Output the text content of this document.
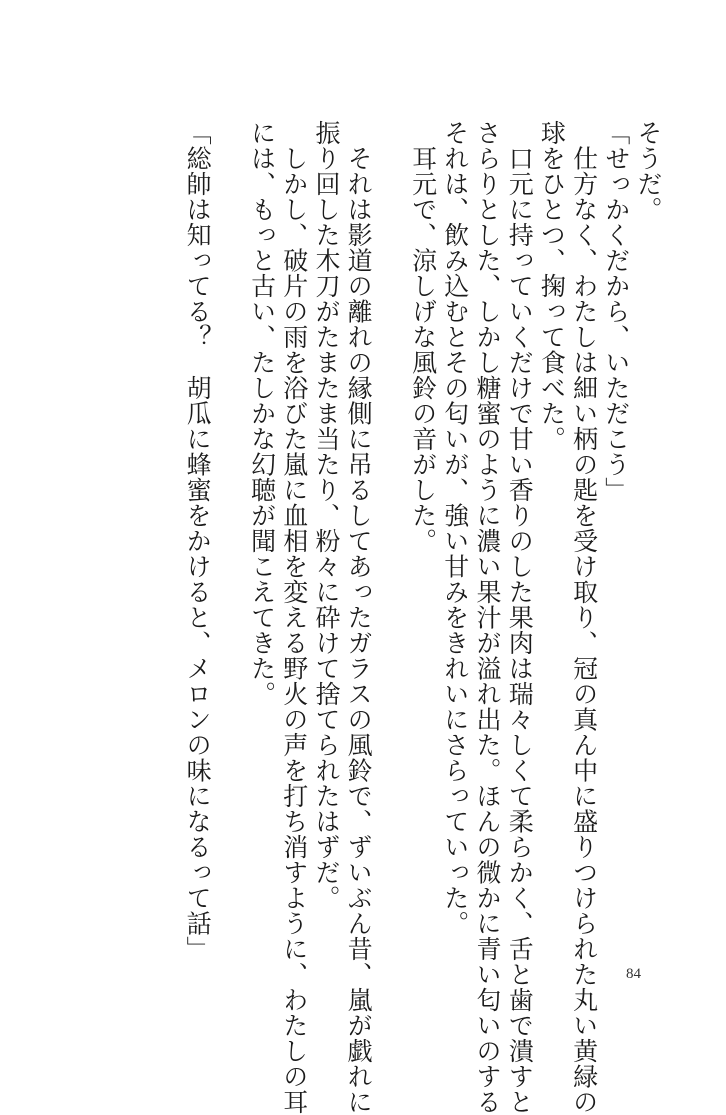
そうだ。
「せっかくだから、いただこう」
　仕方なく、わたしは細い柄の匙を受け取り、冠の真ん中に盛りつけられた丸い黄緑の
球をひとつ、掬って食べた。
　口元に持っていくだけで甘い香りのした果肉は瑞々しくて柔らかく、舌と歯で潰すと
さらりとした、しかし糖蜜のように濃い果汁が溢れ出た。ほんの微かに青い匂いのする
それは、飲み込むとその匂いが、強い甘みをきれいにさらっていった。
　耳元で、涼しげな風鈴の音がした。

　それは影道の離れの縁側に吊るしてあったガラスの風鈴で、ずいぶん昔、嵐が戯れに
振り回した木刀がたまたま当たり、粉々に砕けて捨てられたはずだ。
　しかし、破片の雨を浴びた嵐に血相を変える野火の声を打ち消すように、わたしの耳
には、もっと古い、たしかな幻聴が聞こえてきた。

「総帥は知ってる？　胡瓜に蜂蜜をかけると、メロンの味になるって話」
84
